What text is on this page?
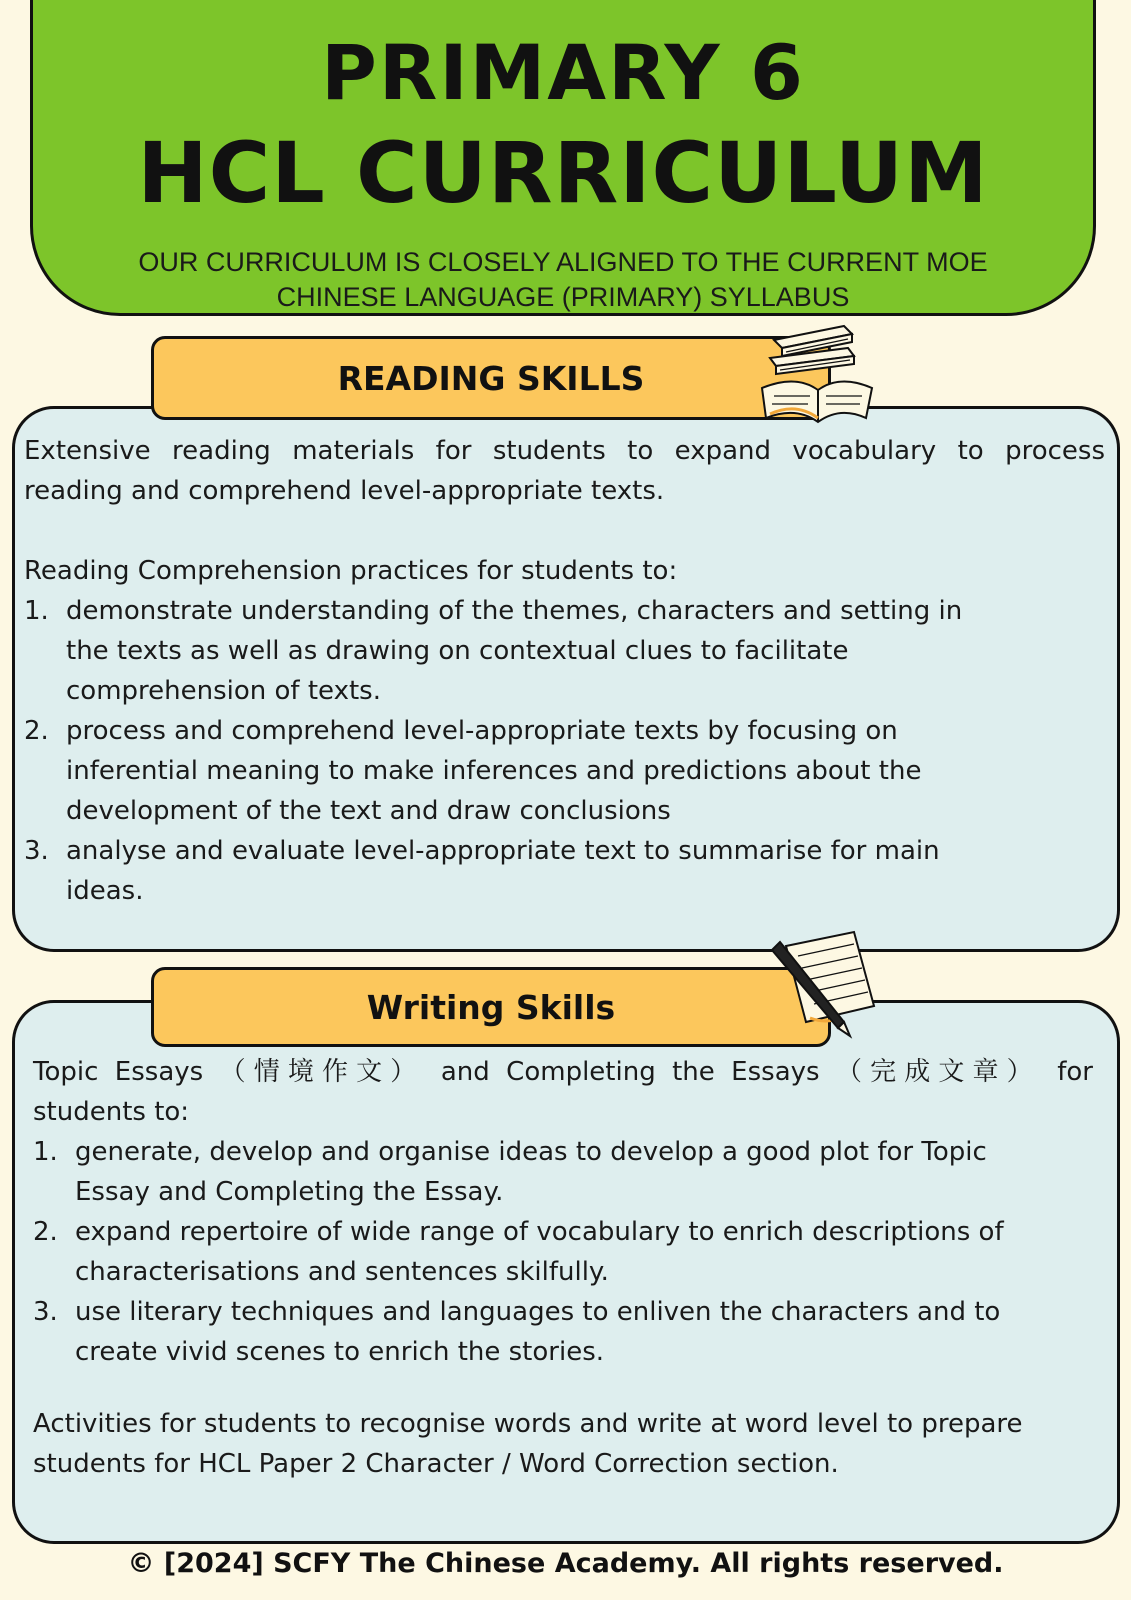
PRIMARY 6
HCL CURRICULUM
OUR CURRICULUM IS CLOSELY ALIGNED TO THE CURRENT MOE
CHINESE LANGUAGE (PRIMARY) SYLLABUS
READING SKILLS
Extensive reading materials for students to expand vocabulary to process
reading and comprehend level-appropriate texts.
Reading Comprehension practices for students to:
1. demonstrate understanding of the themes, characters and setting in
the texts as well as drawing on contextual clues to facilitate
comprehension of texts.
2. process and comprehend level-appropriate texts by focusing on
inferential meaning to make inferences and predictions about the
development of the text and draw conclusions
3. analyse and evaluate level-appropriate text to summarise for main
ideas.
Writing Skills
Topic Essays （情境作文） and Completing the Essays （完成文章） for
students to:
1. generate, develop and organise ideas to develop a good plot for Topic
Essay and Completing the Essay.
2. expand repertoire of wide range of vocabulary to enrich descriptions of
characterisations and sentences skilfully.
3. use literary techniques and languages to enliven the characters and to
create vivid scenes to enrich the stories.
Activities for students to recognise words and write at word level to prepare
students for HCL Paper 2 Character / Word Correction section.
© [2024] SCFY The Chinese Academy. All rights reserved.
